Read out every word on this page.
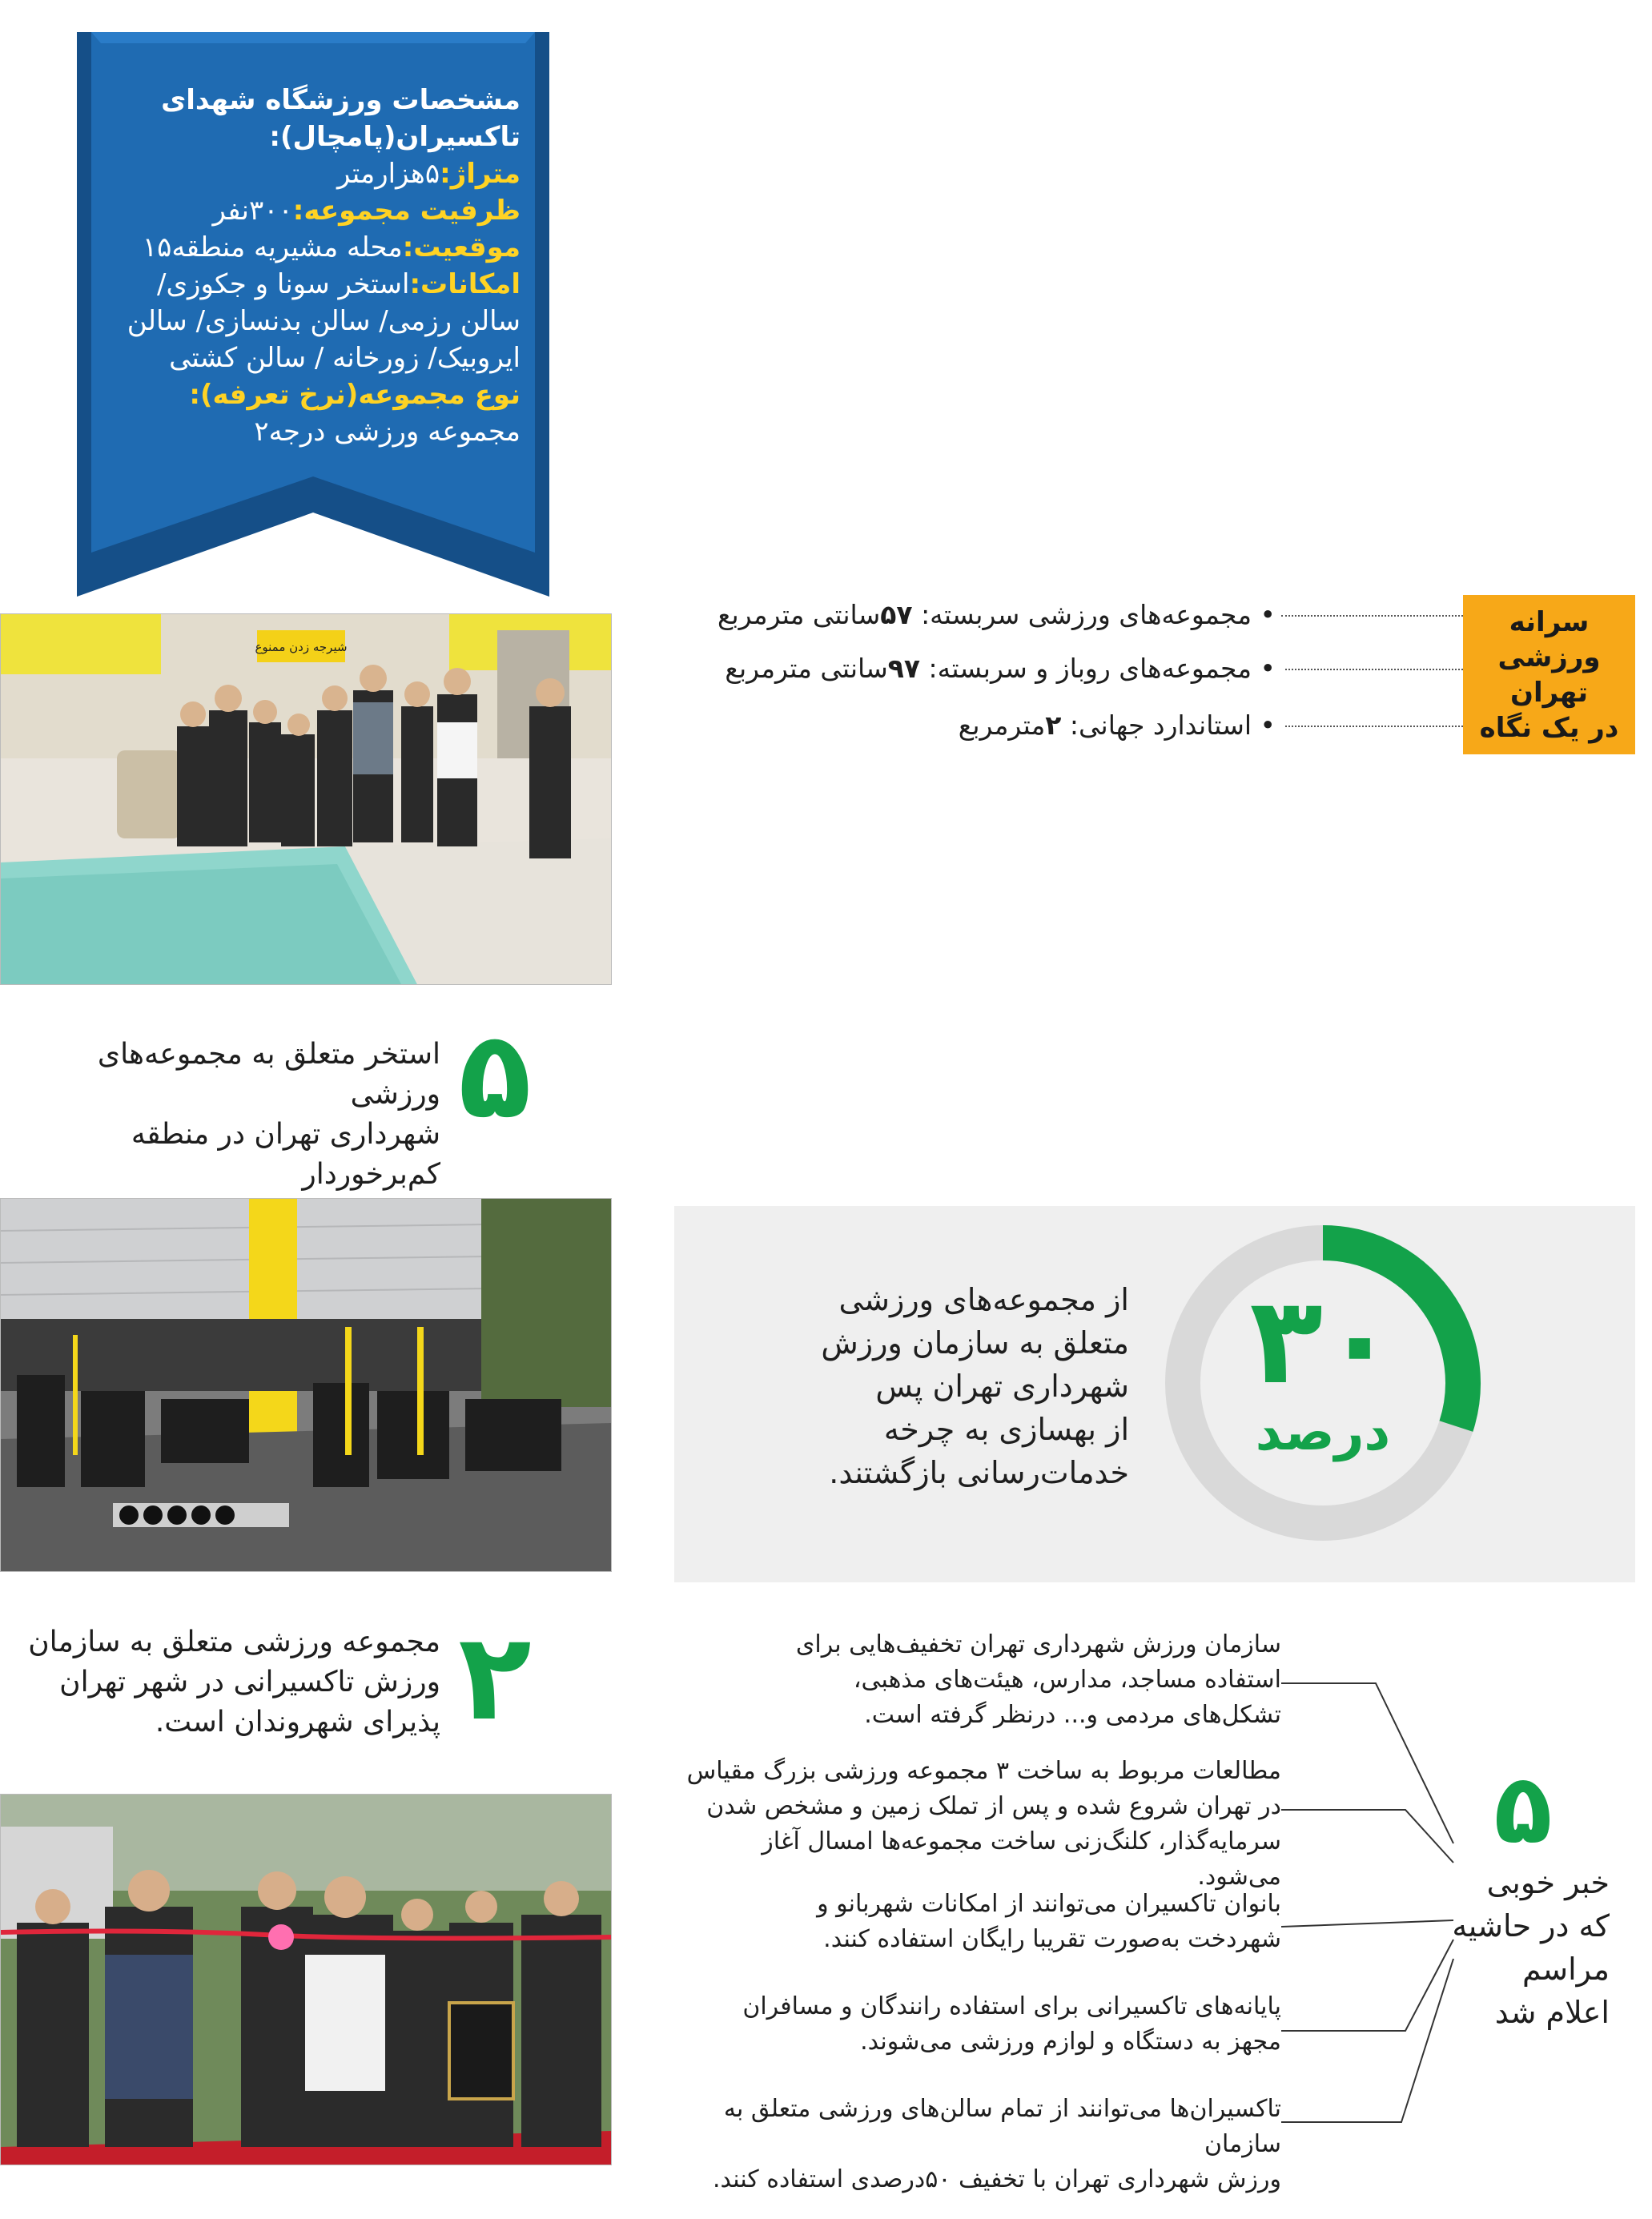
مشخصات ورزشگاه شهدای

تاکسیران(پامچال):

متراژ:۵هزارمتر

ظرفیت مجموعه:۳۰۰نفر

موقعیت:محله مشیریه منطقه۱۵

امکانات:استخر سونا و جکوزی/

سالن رزمی/ سالن بدنسازی/ سالن

ایروبیک/ زورخانه / سالن کشتی

نوع مجموعه(نرخ تعرفه):

مجموعه ورزشی درجه۲

سرانه ورزشی
تهران
در یک نگاه
• مجموعه‌های ورزشی سربسته: ۵۷سانتی مترمربع
• مجموعه‌های روباز و سربسته: ۹۷سانتی مترمربع
• استاندارد جهانی: ۲مترمربع
شیرجه زدن ممنوع
۵
استخر متعلق به مجموعه‌های ورزشی
شهرداری تهران در منطقه کم‌برخوردار
۳۰
درصد
از مجموعه‌های ورزشی
متعلق به سازمان ورزش
شهرداری تهران پس
از بهسازی به چرخه
خدمات‌رسانی بازگشتند.
۲
مجموعه ورزشی متعلق به سازمان
ورزش تاکسیرانی در شهر تهران
پذیرای شهروندان است.
۵
خبر خوبی
که در حاشیه
مراسم
اعلام شد
سازمان ورزش شهرداری تهران تخفیف‌هایی برای
استفاده مساجد، مدارس، هیئت‌های مذهبی،
تشکل‌های مردمی و... درنظر گرفته است.
مطالعات مربوط به ساخت ۳ مجموعه ورزشی بزرگ مقیاس
در تهران شروع شده و پس از تملک زمین و مشخص شدن
سرمایه‌گذار، کلنگ‌زنی ساخت مجموعه‌ها امسال آغاز می‌شود.
بانوان تاکسیران می‌توانند از امکانات شهربانو و
شهردخت به‌صورت تقریبا رایگان استفاده کنند.
پایانه‌های تاکسیرانی برای استفاده رانندگان و مسافران
مجهز به دستگاه و لوازم ورزشی می‌شوند.
تاکسیران‌ها می‌توانند از تمام سالن‌های ورزشی متعلق به سازمان
ورزش شهرداری تهران با تخفیف ۵۰درصدی استفاده کنند.
